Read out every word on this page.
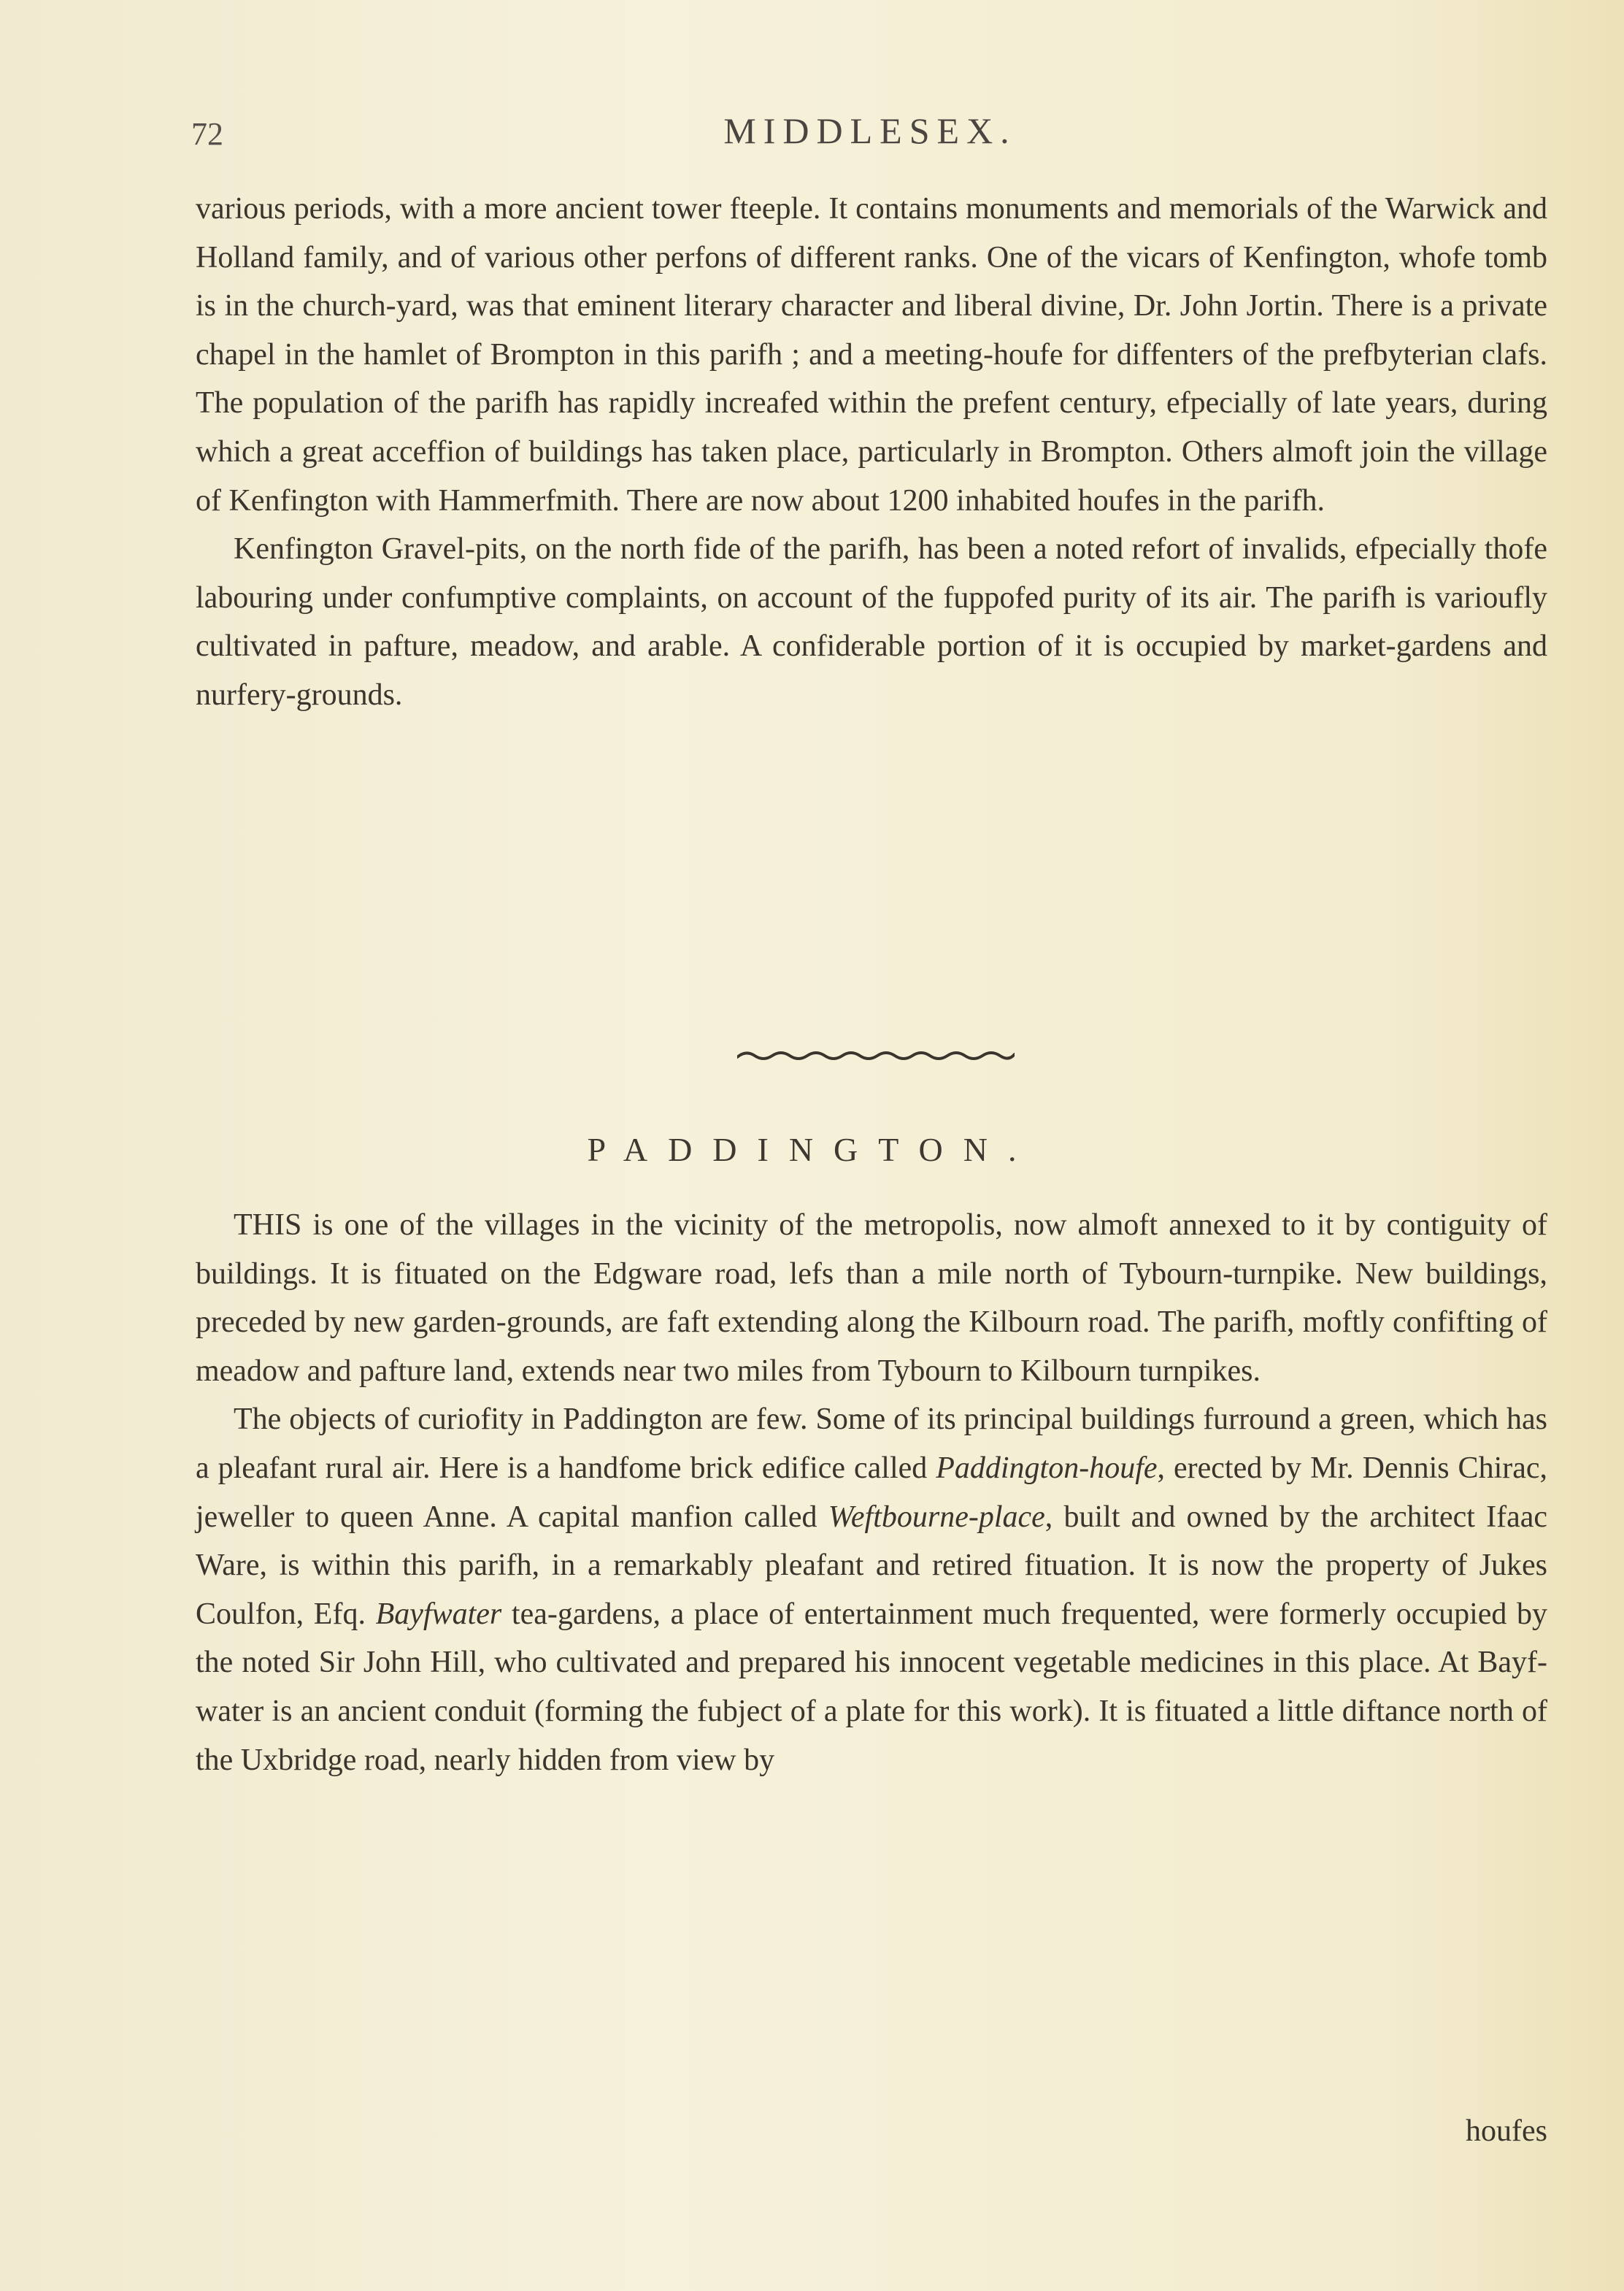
72	MIDDLESEX.

various periods, with a more ancient tower fteeple. It contains monuments and memorials of the Warwick and Holland family, and of various other perfons of different ranks. One of the vicars of Kenfington, whofe tomb is in the church-yard, was that eminent literary character and liberal divine, Dr. John Jortin. There is a private chapel in the hamlet of Brompton in this parifh ; and a meeting-houfe for diffenters of the prefbyterian clafs. The population of the parifh has rapidly increafed within the prefent century, efpecially of late years, during which a great acceffion of buildings has taken place, particularly in Brompton. Others almoft join the village of Kenfington with Hammerfmith. There are now about 1200 inhabited houfes in the parifh.

Kenfington Gravel-pits, on the north fide of the parifh, has been a noted refort of invalids, efpecially thofe labouring under confumptive complaints, on account of the fuppofed purity of its air. The parifh is varioufly cultivated in pafture, meadow, and arable. A confiderable portion of it is occupied by market-gardens and nurfery-grounds.

PADDINGTON.

THIS is one of the villages in the vicinity of the metropolis, now almoft annexed to it by contiguity of buildings. It is fituated on the Edgware road, lefs than a mile north of Tybourn-turnpike. New buildings, preceded by new garden-grounds, are faft extending along the Kilbourn road. The parifh, moftly confifting of meadow and pafture land, extends near two miles from Tybourn to Kilbourn turnpikes.

The objects of curiofity in Paddington are few. Some of its principal buildings furround a green, which has a pleafant rural air. Here is a handfome brick edifice called Paddington-houfe, erected by Mr. Dennis Chirac, jeweller to queen Anne. A capital manfion called Weftbourne-place, built and owned by the architect Ifaac Ware, is within this parifh, in a remarkably pleafant and retired fituation. It is now the property of Jukes Coulfon, Efq. Bayfwater tea-gardens, a place of entertainment much frequented, were formerly occupied by the noted Sir John Hill, who cultivated and prepared his innocent vegetable medicines in this place. At Bayf-water is an ancient conduit (forming the fubject of a plate for this work). It is fituated a little diftance north of the Uxbridge road, nearly hidden from view by

houfes
